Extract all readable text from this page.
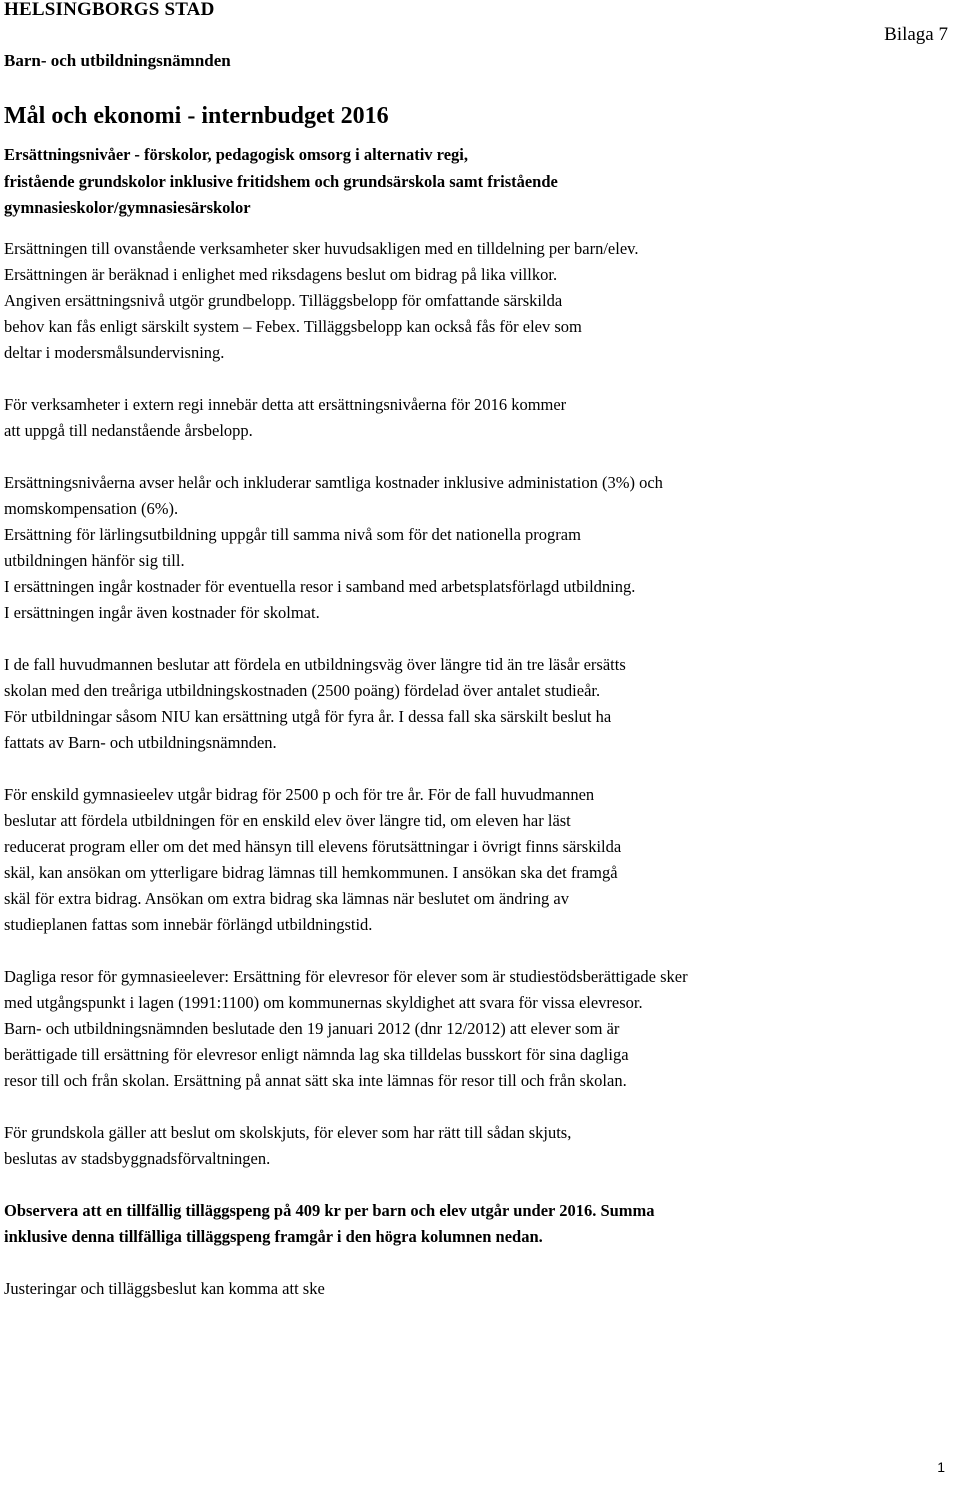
HELSINGBORGS STAD
Barn- och utbildningsnämnden
Bilaga 7
Mål och ekonomi - internbudget 2016
Ersättningsnivåer - förskolor, pedagogisk omsorg i alternativ regi,
fristående grundskolor inklusive fritidshem och grundsärskola samt fristående
gymnasieskolor/gymnasiesärskolor

Ersättningen till ovanstående verksamheter sker huvudsakligen med en tilldelning per barn/elev.

Ersättningen är beräknad i enlighet med riksdagens beslut om bidrag på lika villkor.

Angiven ersättningsnivå utgör grundbelopp. Tilläggsbelopp för omfattande särskilda

behov kan fås enligt särskilt system – Febex. Tilläggsbelopp kan också fås för elev som

deltar i modersmålsundervisning.

För verksamheter i extern regi innebär detta att ersättningsnivåerna för 2016 kommer

att uppgå till nedanstående årsbelopp.

Ersättningsnivåerna avser helår och inkluderar samtliga kostnader inklusive administation (3%) och

momskompensation (6%).

Ersättning för lärlingsutbildning uppgår till samma nivå som för det nationella program

utbildningen hänför sig till.

I ersättningen ingår kostnader för eventuella resor i samband med arbetsplatsförlagd utbildning.

I ersättningen ingår även kostnader för skolmat.

I de fall huvudmannen beslutar att fördela en utbildningsväg över längre tid än tre läsår ersätts

skolan med den treåriga utbildningskostnaden (2500 poäng) fördelad över antalet studieår.

För utbildningar såsom NIU kan ersättning utgå för fyra år. I dessa fall ska särskilt beslut ha

fattats av Barn- och utbildningsnämnden.

För enskild gymnasieelev utgår bidrag för 2500 p och för tre år. För de fall huvudmannen

beslutar att fördela utbildningen för en enskild elev över längre tid, om eleven har läst

reducerat program eller om det med hänsyn till elevens förutsättningar i övrigt finns särskilda

skäl, kan ansökan om ytterligare bidrag lämnas till hemkommunen. I ansökan ska det framgå

skäl för extra bidrag. Ansökan om extra bidrag ska lämnas när beslutet om ändring av

studieplanen fattas som innebär förlängd utbildningstid.

Dagliga resor för gymnasieelever: Ersättning för elevresor för elever som är studiestödsberättigade sker

med utgångspunkt i lagen (1991:1100) om kommunernas skyldighet att svara för vissa elevresor.

Barn- och utbildningsnämnden beslutade den 19 januari 2012 (dnr 12/2012) att elever som är

berättigade till ersättning för elevresor enligt nämnda lag ska tilldelas busskort för sina dagliga

resor till och från skolan. Ersättning på annat sätt ska inte lämnas för resor till och från skolan.

För grundskola gäller att beslut om skolskjuts, för elever som har rätt till sådan skjuts,

beslutas av stadsbyggnadsförvaltningen.

Observera att en tillfällig tilläggspeng på 409 kr per barn och elev utgår under 2016. Summa

inklusive denna tillfälliga tilläggspeng framgår i den högra kolumnen nedan.

Justeringar och tilläggsbeslut kan komma att ske

1
